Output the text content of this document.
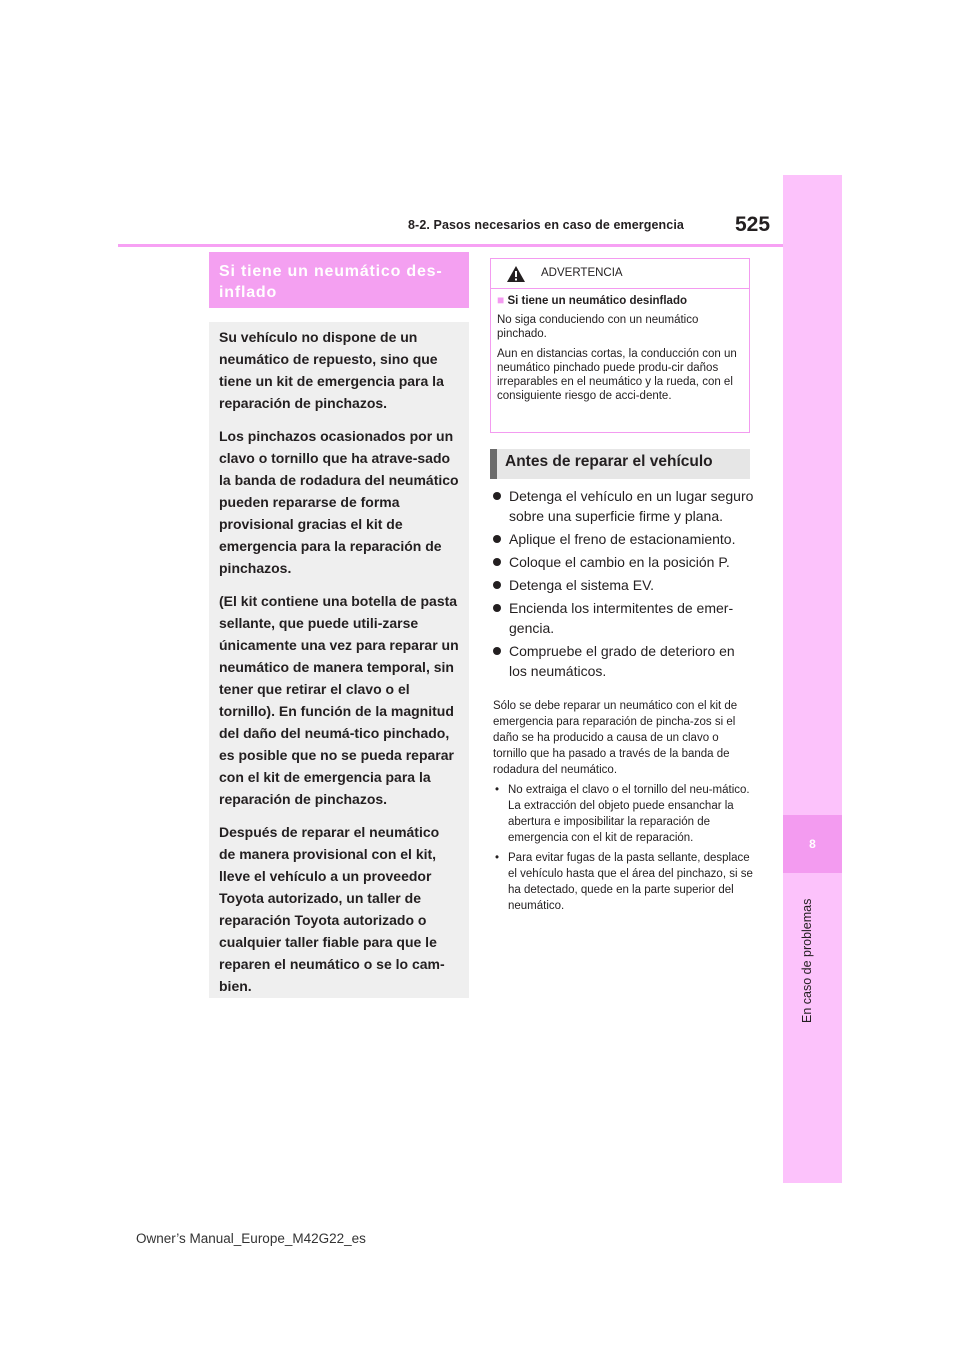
8
En caso de problemas
8-2. Pasos necesarios en caso de emergencia 525
Si tiene un neumático des-inflado

Su vehículo no dispone de un neumático de repuesto, sino que tiene un kit de emergencia para la reparación de pinchazos.

Los pinchazos ocasionados por un clavo o tornillo que ha atrave-sado la banda de rodadura del neumático pueden repararse de forma provisional gracias el kit de emergencia para la reparación de pinchazos.

(El kit contiene una botella de pasta sellante, que puede utili-zarse únicamente una vez para reparar un neumático de manera temporal, sin tener que retirar el clavo o el tornillo). En función de la magnitud del daño del neumá-tico pinchado, es posible que no se pueda reparar con el kit de emergencia para la reparación de pinchazos.

Después de reparar el neumático de manera provisional con el kit, lleve el vehículo a un proveedor Toyota autorizado, un taller de reparación Toyota autorizado o cualquier taller fiable para que le reparen el neumático o se lo cam-bien.

ADVERTENCIA
■ Si tiene un neumático desinflado

No siga conduciendo con un neumático pinchado.

Aun en distancias cortas, la conducción con un neumático pinchado puede produ-cir daños irreparables en el neumático y la rueda, con el consiguiente riesgo de acci-dente.

Antes de reparar el vehículo
Detenga el vehículo en un lugar seguro sobre una superficie firme y plana.
Aplique el freno de estacionamiento.
Coloque el cambio en la posición P.
Detenga el sistema EV.
Encienda los intermitentes de emer-gencia.
Compruebe el grado de deterioro en los neumáticos.

Sólo se debe reparar un neumático con el kit de emergencia para reparación de pincha-zos si el daño se ha producido a causa de un clavo o tornillo que ha pasado a través de la banda de rodadura del neumático.

• No extraiga el clavo o el tornillo del neu-mático. La extracción del objeto puede ensanchar la abertura e imposibilitar la reparación de emergencia con el kit de reparación.
• Para evitar fugas de la pasta sellante, desplace el vehículo hasta que el área del pinchazo, si se ha detectado, quede en la parte superior del neumático.
Owner’s Manual_Europe_M42G22_es
